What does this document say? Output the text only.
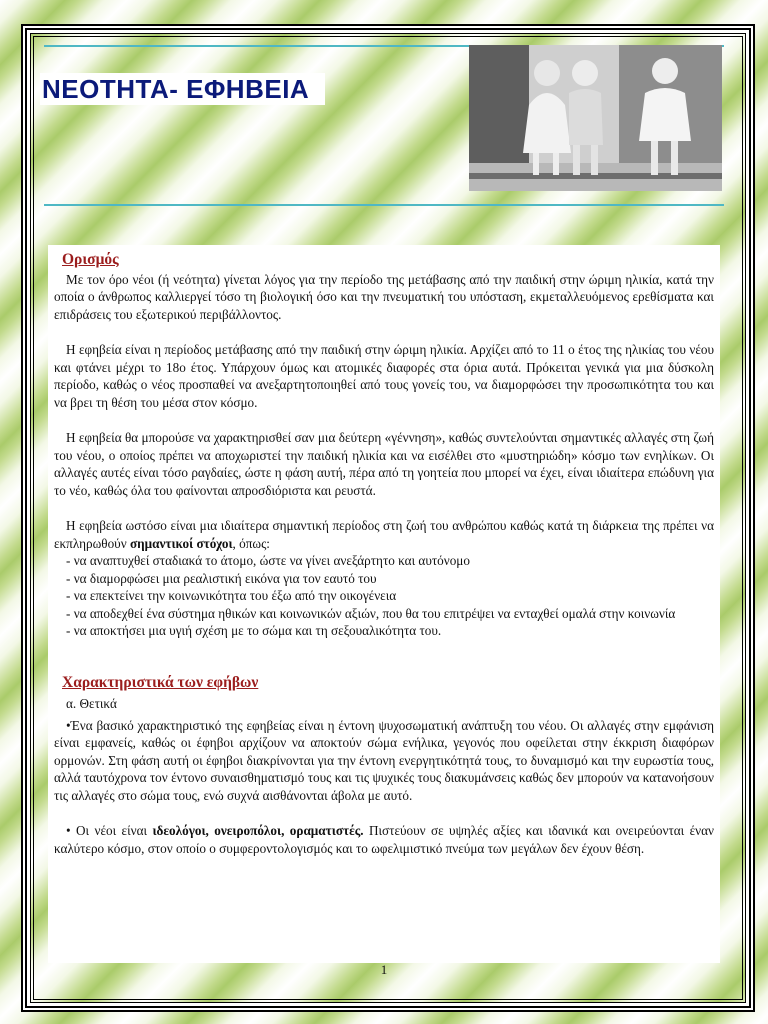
ΝΕΟΤΗΤΑ- ΕΦΗΒΕΙΑ
Ορισμός

Με τον όρο νέοι (ή νεότητα) γίνεται λόγος για την περίοδο της μετάβασης από την παιδική στην ώριμη ηλικία, κατά την οποία ο άνθρωπος καλλιεργεί τόσο τη βιολογική όσο και την πνευματική του υπόσταση, εκμεταλλευόμενος ερεθίσματα και επιδράσεις του εξωτερικού περιβάλλοντος.

Η εφηβεία είναι η περίοδος μετάβασης από την παιδική στην ώριμη ηλικία. Αρχίζει από το 11 ο έτος της ηλικίας του νέου και φτάνει μέχρι το 18ο έτος. Υπάρχουν όμως και ατομικές διαφορές στα όρια αυτά. Πρόκειται γενικά για μια δύσκολη περίοδο, καθώς ο νέος προσπαθεί να ανεξαρτητοποιηθεί από τους γονείς του, να διαμορφώσει την προσωπικότητα του και να βρει τη θέση του μέσα στον κόσμο.

Η εφηβεία θα μπορούσε να χαρακτηρισθεί σαν μια δεύτερη «γέννηση», καθώς συντελούνται σημαντικές αλλαγές στη ζωή του νέου, ο οποίος πρέπει να αποχωριστεί την παιδική ηλικία και να εισέλθει στο «μυστηριώδη» κόσμο των ενηλίκων. Οι αλλαγές αυτές είναι τόσο ραγδαίες, ώστε η φάση αυτή, πέρα από τη γοητεία που μπορεί να έχει, είναι ιδιαίτερα επώδυνη για το νέο, καθώς όλα του φαίνονται απροσδιόριστα και ρευστά.

Η εφηβεία ωστόσο είναι μια ιδιαίτερα σημαντική περίοδος στη ζωή του ανθρώπου καθώς κατά τη διάρκεια της πρέπει να εκπληρωθούν σημαντικοί στόχοι, όπως:

- να αναπτυχθεί σταδιακά το άτομο, ώστε να γίνει ανεξάρτητο και αυτόνομο
- να διαμορφώσει μια ρεαλιστική εικόνα για τον εαυτό του
- να επεκτείνει την κοινωνικότητα του έξω από την οικογένεια
- να αποδεχθεί ένα σύστημα ηθικών και κοινωνικών αξιών, που θα του επιτρέψει να ενταχθεί ομαλά στην κοινωνία
- να αποκτήσει μια υγιή σχέση με το σώμα και τη σεξουαλικότητα του.
Χαρακτηριστικά των εφήβων
α. Θετικά

•Ένα βασικό χαρακτηριστικό της εφηβείας είναι η έντονη ψυχοσωματική ανάπτυξη του νέου. Οι αλλαγές στην εμφάνιση είναι εμφανείς, καθώς οι έφηβοι αρχίζουν να αποκτούν σώμα ενήλικα, γεγονός που οφείλεται στην έκκριση διαφόρων ορμονών. Στη φάση αυτή οι έφηβοι διακρίνονται για την έντονη ενεργητικότητά τους, το δυναμισμό και την ευρωστία τους, αλλά ταυτόχρονα τον έντονο συναισθηματισμό τους και τις ψυχικές τους διακυμάνσεις καθώς δεν μπορούν να κατανοήσουν τις αλλαγές στο σώμα τους, ενώ συχνά αισθάνονται άβολα με αυτό.

• Οι νέοι είναι ιδεολόγοι, ονειροπόλοι, οραματιστές. Πιστεύουν σε υψηλές αξίες και ιδανικά και ονειρεύονται έναν καλύτερο κόσμο, στον οποίο ο συμφεροντολογισμός και το ωφελιμιστικό πνεύμα των μεγάλων δεν έχουν θέση.

1
